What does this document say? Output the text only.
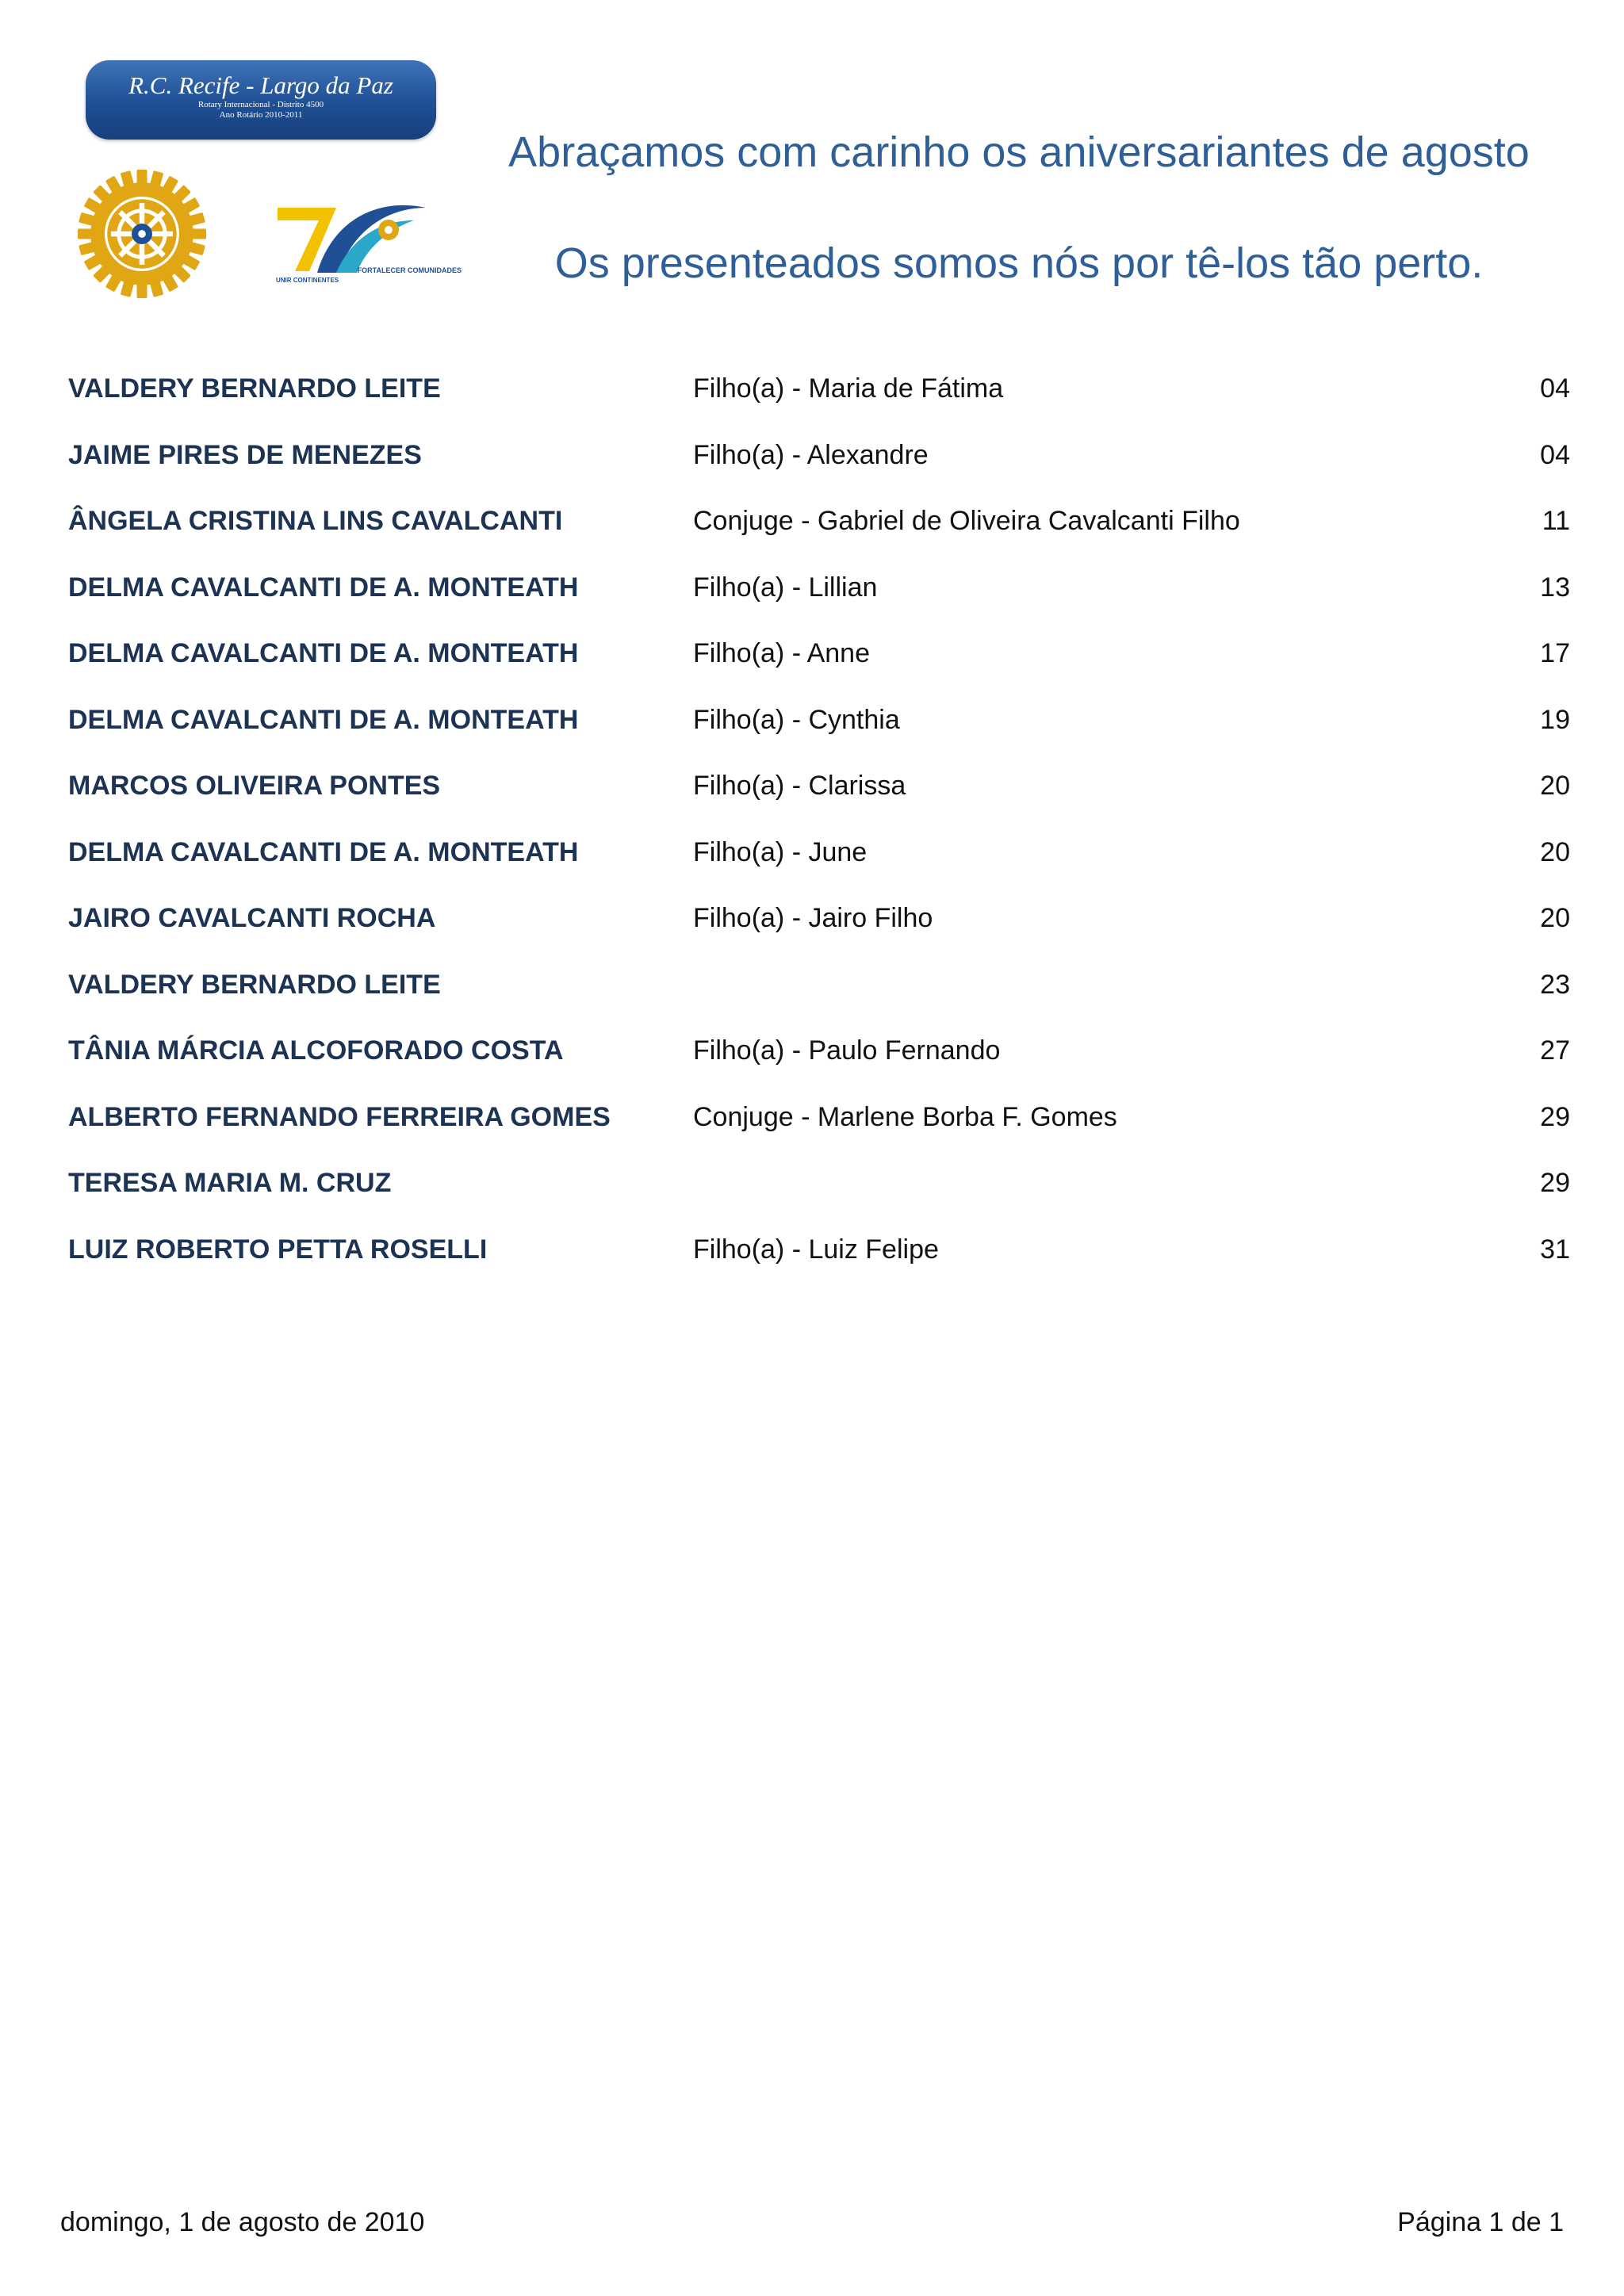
R.C. Recife - Largo da Paz
Rotary Internacional - Distrito 4500
Ano Rotário 2010-2011
FORTALECER COMUNIDADES
UNIR CONTINENTES
Abraçamos com carinho os aniversariantes de agosto
Os presenteados somos nós por tê-los tão perto.
VALDERY BERNARDO LEITE	Filho(a) - Maria de Fátima	04
JAIME PIRES DE MENEZES	Filho(a) - Alexandre	04
ÂNGELA CRISTINA LINS CAVALCANTI	Conjuge - Gabriel de Oliveira Cavalcanti Filho	11
DELMA CAVALCANTI DE A. MONTEATH	Filho(a) - Lillian	13
DELMA CAVALCANTI DE A. MONTEATH	Filho(a) - Anne	17
DELMA CAVALCANTI DE A. MONTEATH	Filho(a) - Cynthia	19
MARCOS OLIVEIRA PONTES	Filho(a) - Clarissa	20
DELMA CAVALCANTI DE A. MONTEATH	Filho(a) - June	20
JAIRO CAVALCANTI ROCHA	Filho(a) - Jairo Filho	20
VALDERY BERNARDO LEITE	23
TÂNIA MÁRCIA ALCOFORADO COSTA	Filho(a) - Paulo Fernando	27
ALBERTO FERNANDO FERREIRA GOMES	Conjuge - Marlene Borba F. Gomes	29
TERESA MARIA M. CRUZ	29
LUIZ ROBERTO PETTA ROSELLI	Filho(a) - Luiz Felipe	31
domingo, 1 de agosto de 2010	Página 1 de 1
